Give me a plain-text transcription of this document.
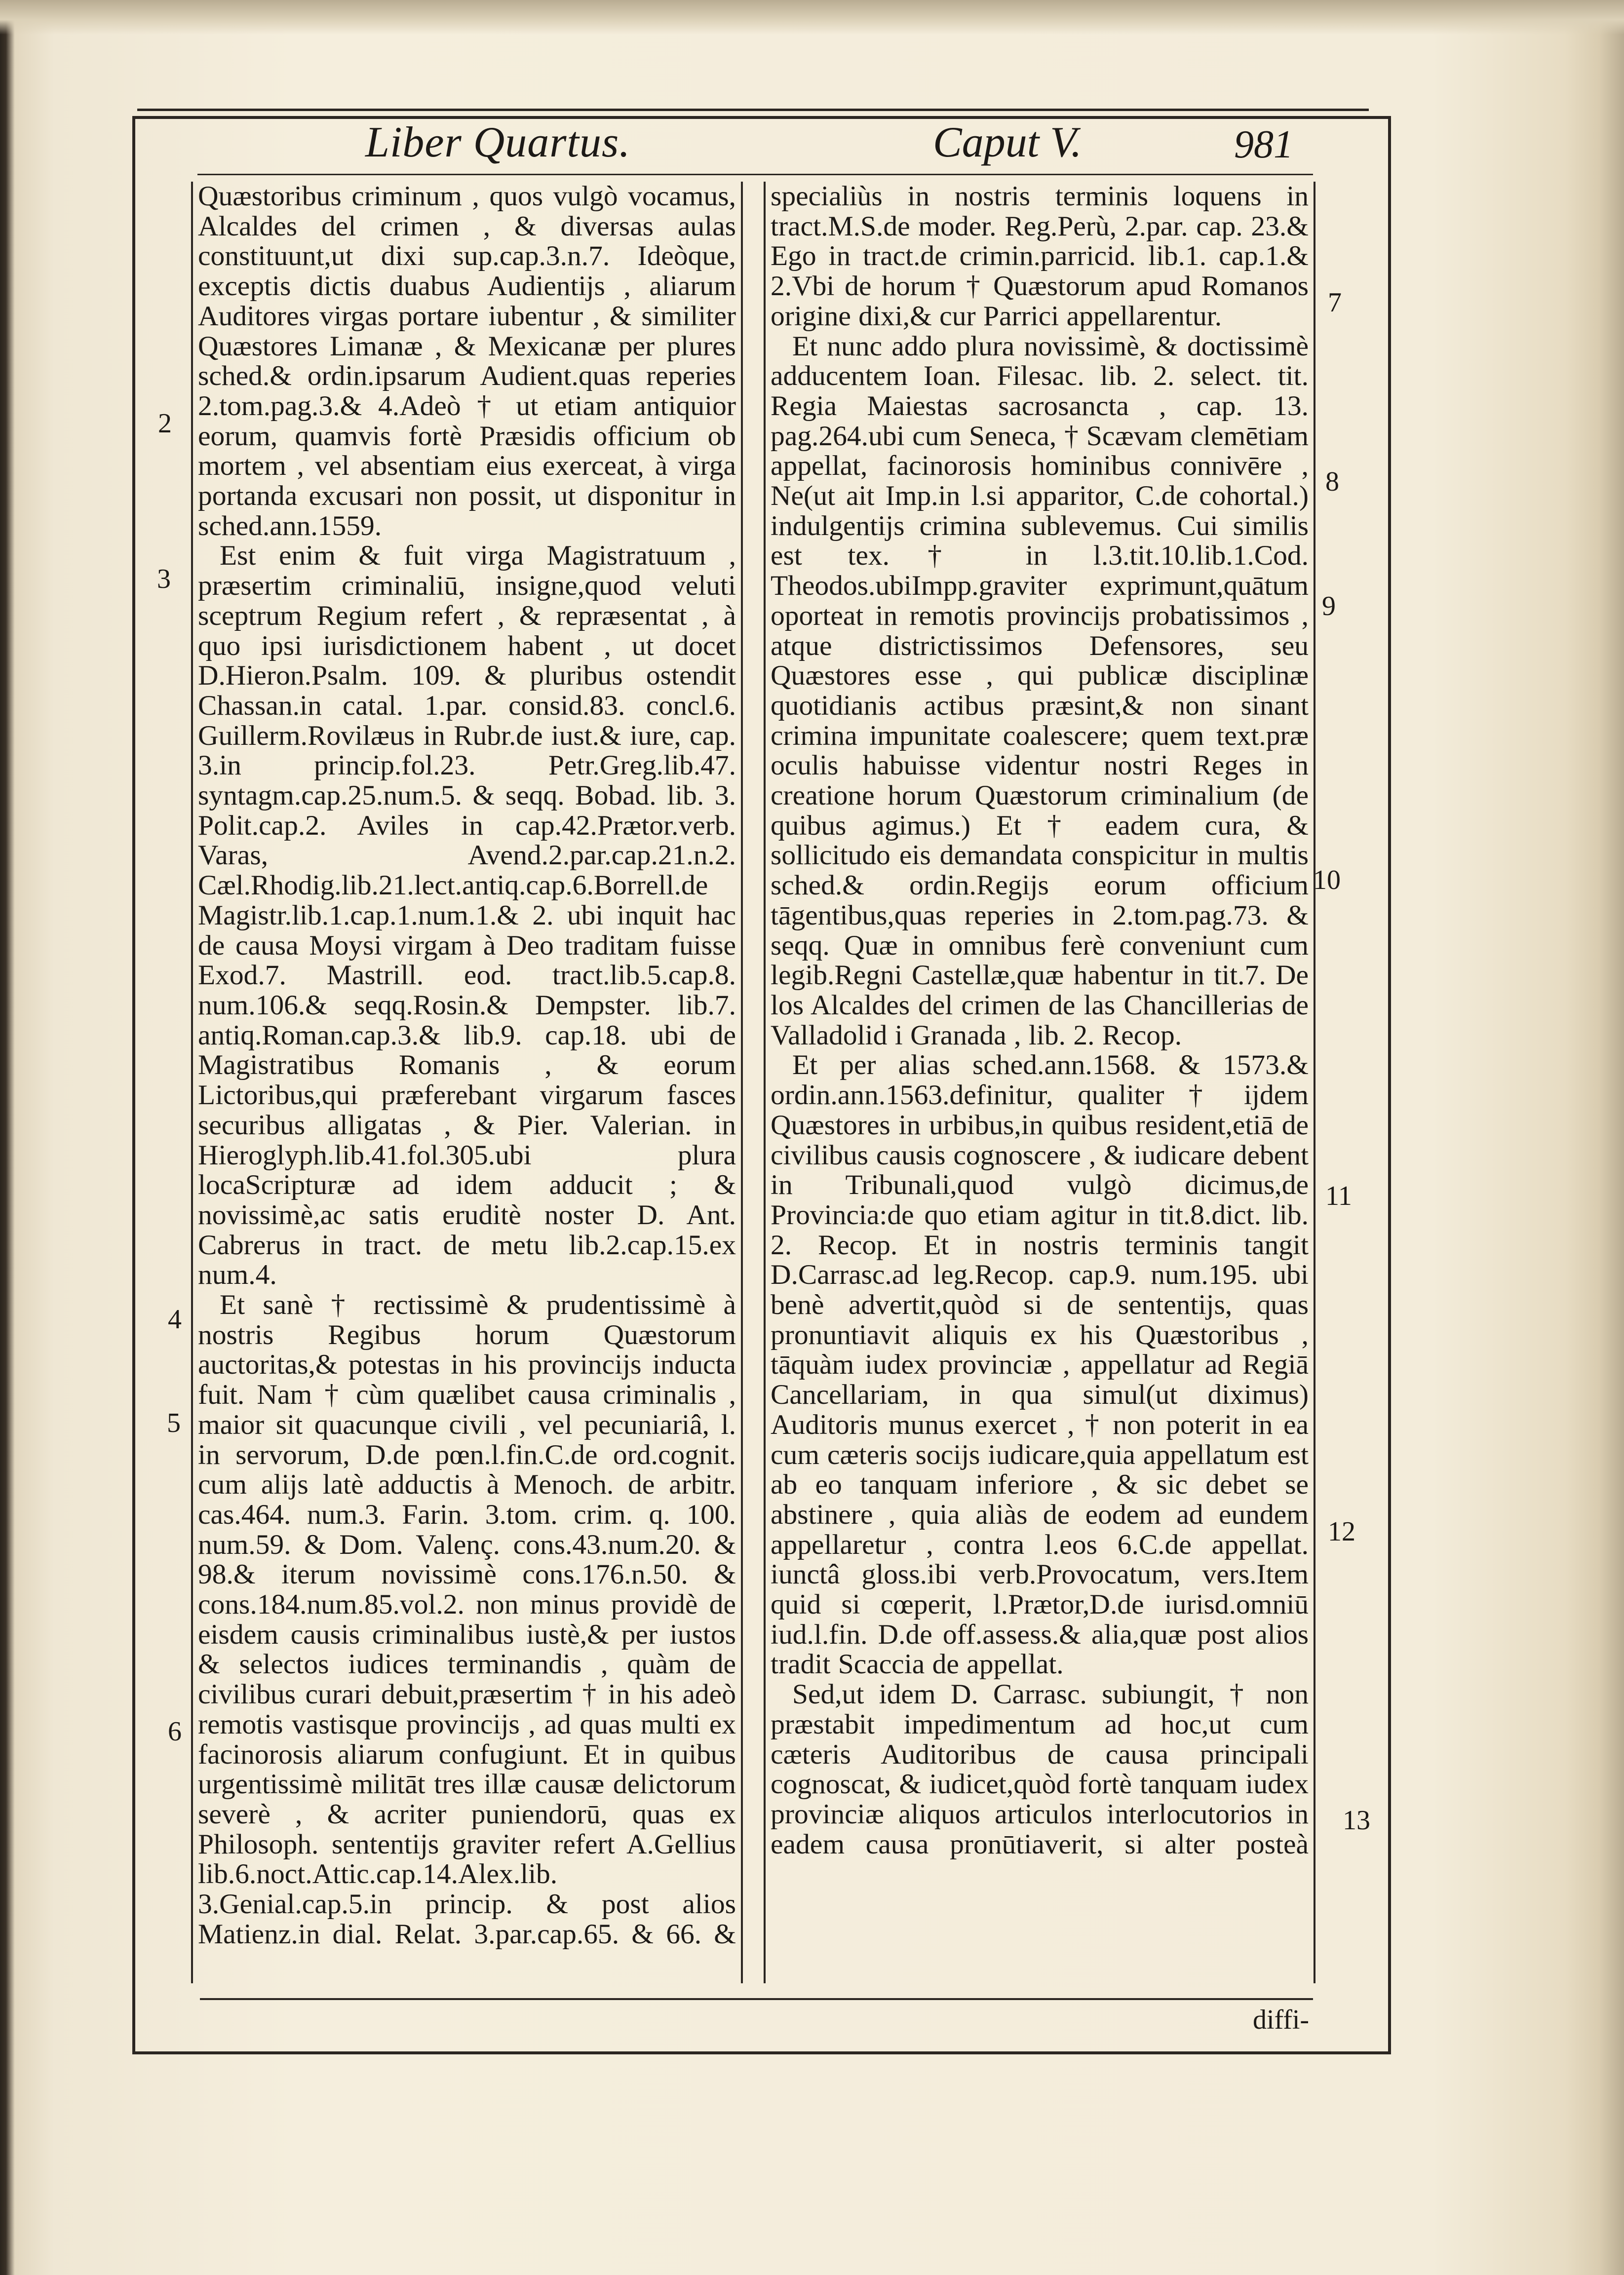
Liber Quartus.	Caput V.	981
2
3
4
5
6
7
8
9
10
11
12
13

Quæstoribus criminum , quos vulgò vocamus, Alcaldes del crimen , & diversas aulas constituunt,ut dixi sup.cap.3.n.7. Ideòque, exceptis dictis duabus Audientijs , aliarum Auditores virgas portare iubentur , & similiter Quæstores Limanæ , & Mexicanæ per plures sched.& ordin.ipsarum Audient.quas reperies 2.tom.pag.3.& 4.Adeò † ut etiam antiquior eorum, quamvis fortè Præsidis officium ob mortem , vel absentiam eius exerceat, à virga portanda excusari non possit, ut disponitur in sched.ann.1559.

Est enim & fuit virga Magistratuum , præsertim criminaliū, insigne,quod veluti sceptrum Regium refert , & repræsentat , à quo ipsi iurisdictionem habent , ut docet D.Hieron.Psalm. 109. & pluribus ostendit Chassan.in catal. 1.par. consid.83. concl.6. Guillerm.Rovilæus in Rubr.de iust.& iure, cap. 3.in princip.fol.23. Petr.Greg.lib.47. syntagm.cap.25.num.5. & seqq. Bobad. lib. 3. Polit.cap.2. Aviles in cap.42.Prætor.verb. Varas, Avend.2.par.cap.21.n.2. Cæl.Rhodig.lib.21.lect.antiq.cap.6.Borrell.de Magistr.lib.1.cap.1.num.1.& 2. ubi inquit hac de causa Moysi virgam à Deo traditam fuisse Exod.7. Mastrill. eod. tract.lib.5.cap.8. num.106.& seqq.Rosin.& Dempster. lib.7. antiq.Roman.cap.3.& lib.9. cap.18. ubi de Magistratibus Romanis , & eorum Lictoribus,qui præferebant virgarum fasces securibus alligatas , & Pier. Valerian. in Hieroglyph.lib.41.fol.305.ubi plura locaScripturæ ad idem adducit ; & novissimè,ac satis eruditè noster D. Ant. Cabrerus in tract. de metu lib.2.cap.15.ex num.4.

Et sanè † rectissimè & prudentissimè à nostris Regibus horum Quæstorum auctoritas,& potestas in his provincijs inducta fuit. Nam † cùm quælibet causa criminalis , maior sit quacunque civili , vel pecuniariâ, l. in servorum, D.de pœn.l.fin.C.de ord.cognit. cum alijs latè adductis à Menoch. de arbitr. cas.464. num.3. Farin. 3.tom. crim. q. 100. num.59. & Dom. Valenç. cons.43.num.20. & 98.& iterum novissimè cons.176.n.50. & cons.184.num.85.vol.2. non minus providè de eisdem causis criminalibus iustè,& per iustos & selectos iudices terminandis , quàm de civilibus curari debuit,præsertim † in his adeò remotis vastisque provincijs , ad quas multi ex facinorosis aliarum confugiunt. Et in quibus urgentissimè militāt tres illæ causæ delictorum severè , & acriter puniendorū, quas ex Philosoph. sententijs graviter refert A.Gellius lib.6.noct.Attic.cap.14.Alex.lib. 3.Genial.cap.5.in princip. & post alios Matienz.in dial. Relat. 3.par.cap.65. & 66. &

specialiùs in nostris terminis loquens in tract.M.S.de moder. Reg.Perù, 2.par. cap. 23.& Ego in tract.de crimin.parricid. lib.1. cap.1.& 2.Vbi de horum † Quæstorum apud Romanos origine dixi,& cur Parrici appellarentur.

Et nunc addo plura novissimè, & doctissimè adducentem Ioan. Filesac. lib. 2. select. tit. Regia Maiestas sacrosancta , cap. 13. pag.264.ubi cum Seneca, † Scævam clemētiam appellat, facinorosis hominibus connivēre , Ne(ut ait Imp.in l.si apparitor, C.de cohortal.) indulgentijs crimina sublevemus. Cui similis est tex.† in l.3.tit.10.lib.1.Cod. Theodos.ubiImpp.graviter exprimunt,quātum oporteat in remotis provincijs probatissimos , atque districtissimos Defensores, seu Quæstores esse , qui publicæ disciplinæ quotidianis actibus præsint,& non sinant crimina impunitate coalescere; quem text.præ oculis habuisse videntur nostri Reges in creatione horum Quæstorum criminalium (de quibus agimus.) Et † eadem cura, & sollicitudo eis demandata conspicitur in multis sched.& ordin.Regijs eorum officium tāgentibus,quas reperies in 2.tom.pag.73. & seqq. Quæ in omnibus ferè conveniunt cum legib.Regni Castellæ,quæ habentur in tit.7. De los Alcaldes del crimen de las Chancillerias de Valladolid i Granada , lib. 2. Recop.

Et per alias sched.ann.1568. & 1573.& ordin.ann.1563.definitur, qualiter † ijdem Quæstores in urbibus,in quibus resident,etiā de civilibus causis cognoscere , & iudicare debent in Tribunali,quod vulgò dicimus,de Provincia:de quo etiam agitur in tit.8.dict. lib. 2. Recop. Et in nostris terminis tangit D.Carrasc.ad leg.Recop. cap.9. num.195. ubi benè advertit,quòd si de sententijs, quas pronuntiavit aliquis ex his Quæstoribus , tāquàm iudex provinciæ , appellatur ad Regiā Cancellariam, in qua simul(ut diximus) Auditoris munus exercet , † non poterit in ea cum cæteris socijs iudicare,quia appellatum est ab eo tanquam inferiore , & sic debet se abstinere , quia aliàs de eodem ad eundem appellaretur , contra l.eos 6.C.de appellat. iunctâ gloss.ibi verb.Provocatum, vers.Item quid si cœperit, l.Prætor,D.de iurisd.omniū iud.l.fin. D.de off.assess.& alia,quæ post alios tradit Scaccia de appellat.

Sed,ut idem D. Carrasc. subiungit, † non præstabit impedimentum ad hoc,ut cum cæteris Auditoribus de causa principali cognoscat, & iudicet,quòd fortè tanquam iudex provinciæ aliquos articulos interlocutorios in eadem causa pronūtiaverit, si alter posteà

diffi-
